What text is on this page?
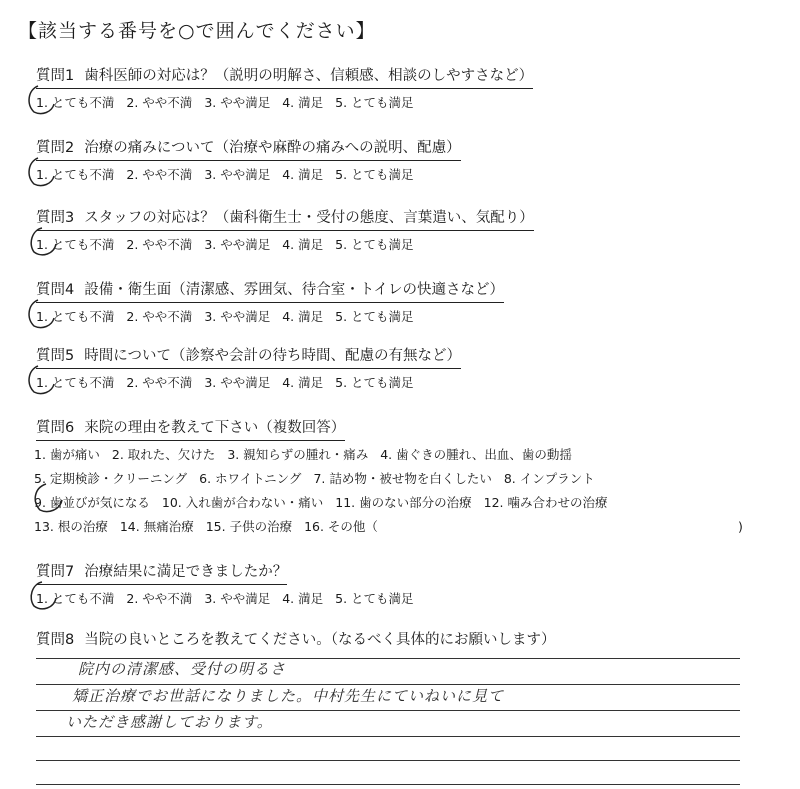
【該当する番号を○で囲んでください】
質問1 歯科医師の対応は？（説明の明解さ、信頼感、相談のしやすさなど）
1. とても不満 2. やや不満 3. やや満足 4. 満足 5. とても満足
質問2 治療の痛みについて（治療や麻酔の痛みへの説明、配慮）
1. とても不満 2. やや不満 3. やや満足 4. 満足 5. とても満足
質問3 スタッフの対応は？（歯科衛生士・受付の態度、言葉遣い、気配り）
1. とても不満 2. やや不満 3. やや満足 4. 満足 5. とても満足
質問4 設備・衛生面（清潔感、雰囲気、待合室・トイレの快適さなど）
1. とても不満 2. やや不満 3. やや満足 4. 満足 5. とても満足
質問5 時間について（診察や会計の待ち時間、配慮の有無など）
1. とても不満 2. やや不満 3. やや満足 4. 満足 5. とても満足
質問6 来院の理由を教えて下さい（複数回答）
1. 歯が痛い 2. 取れた、欠けた 3. 親知らずの腫れ・痛み 4. 歯ぐきの腫れ、出血、歯の動揺
5. 定期検診・クリーニング 6. ホワイトニング 7. 詰め物・被せ物を白くしたい 8. インプラント
9. 歯並びが気になる 10. 入れ歯が合わない・痛い 11. 歯のない部分の治療 12. 噛み合わせの治療
13. 根の治療 14. 無痛治療 15. 子供の治療 16. その他（	)
質問7 治療結果に満足できましたか？
1. とても不満 2. やや不満 3. やや満足 4. 満足 5. とても満足
質問8 当院の良いところを教えてください。（なるべく具体的にお願いします）
院内の清潔感、受付の明るさ
矯正治療でお世話になりました。中村先生にていねいに見て
いただき感謝しております。
